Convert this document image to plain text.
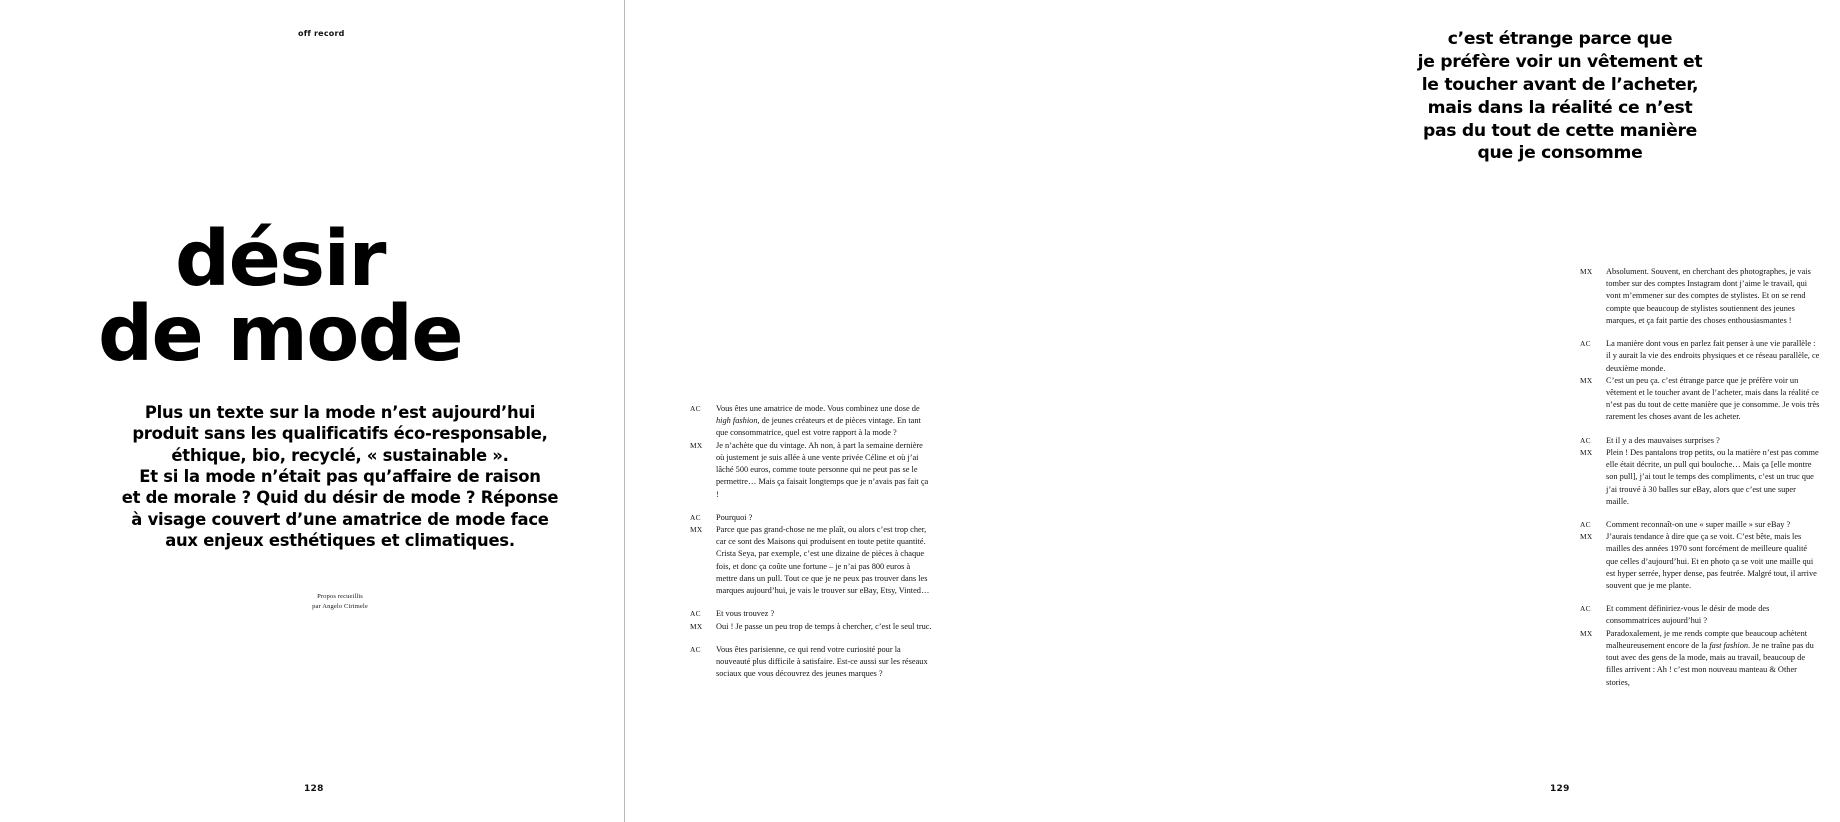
off record
désir
de mode
Plus un texte sur la mode n’est aujourd’hui
produit sans les qualificatifs éco-responsable,
éthique, bio, recyclé, « sustainable ».
Et si la mode n’était pas qu’affaire de raison
et de morale ? Quid du désir de mode ? Réponse
à visage couvert d’une amatrice de mode face
aux enjeux esthétiques et climatiques.
Propos recueillis
par Angelo Cirimele
128
AC	Vous êtes une amatrice de mode. Vous combinez une dose de high fashion, de jeunes créateurs et de pièces vintage. En tant que consommatrice, quel est votre rapport à la mode ?
MX	Je n’achète que du vintage. Ah non, à part la semaine dernière où justement je suis allée à une vente privée Céline et où j’ai lâché 500 euros, comme toute personne qui ne peut pas se le permettre… Mais ça faisait longtemps que je n’avais pas fait ça !
AC	Pourquoi ?
MX	Parce que pas grand-chose ne me plaît, ou alors c’est trop cher, car ce sont des Maisons qui produisent en toute petite quantité. Crista Seya, par exemple, c’est une dizaine de pièces à chaque fois, et donc ça coûte une fortune – je n’ai pas 800 euros à mettre dans un pull. Tout ce que je ne peux pas trouver dans les marques aujourd’hui, je vais le trouver sur eBay, Etsy, Vinted…
AC	Et vous trouvez ?
MX	Oui ! Je passe un peu trop de temps à chercher, c’est le seul truc.
AC	Vous êtes parisienne, ce qui rend votre curiosité pour la nouveauté plus difficile à satisfaire. Est-ce aussi sur les réseaux sociaux que vous découvrez des jeunes marques ?
c’est étrange parce que
je préfère voir un vêtement et
le toucher avant de l’acheter,
mais dans la réalité ce n’est
pas du tout de cette manière
que je consomme
129
MX	Absolument. Souvent, en cherchant des photographes, je vais tomber sur des comptes Instagram dont j’aime le travail, qui vont m’emmener sur des comptes de stylistes. Et on se rend compte que beaucoup de stylistes soutiennent des jeunes marques, et ça fait partie des choses enthousiasmantes !
AC	La manière dont vous en parlez fait penser à une vie parallèle : il y aurait la vie des endroits physiques et ce réseau parallèle, ce deuxième monde.
MX	C’est un peu ça. c’est étrange parce que je préfère voir un vêtement et le toucher avant de l’acheter, mais dans la réalité ce n’est pas du tout de cette manière que je consomme. Je vois très rarement les choses avant de les acheter.
AC	Et il y a des mauvaises surprises ?
MX	Plein ! Des pantalons trop petits, ou la matière n’est pas comme elle était décrite, un pull qui bouloche… Mais ça [elle montre son pull], j’ai tout le temps des compliments, c’est un truc que j’ai trouvé à 30 balles sur eBay, alors que c’est une super maille.
AC	Comment reconnaît-on une « super maille » sur eBay ?
MX	J’aurais tendance à dire que ça se voit. C’est bête, mais les mailles des années 1970 sont forcément de meilleure qualité que celles d’aujourd’hui. Et en photo ça se voit une maille qui est hyper serrée, hyper dense, pas feutrée. Malgré tout, il arrive souvent que je me plante.
AC	Et comment définiriez-vous le désir de mode des consommatrices aujourd’hui ?
MX	Paradoxalement, je me rends compte que beaucoup achètent malheureusement encore de la fast fashion. Je ne traîne pas du tout avec des gens de la mode, mais au travail, beaucoup de filles arrivent : Ah ! c’est mon nouveau manteau & Other stories,
